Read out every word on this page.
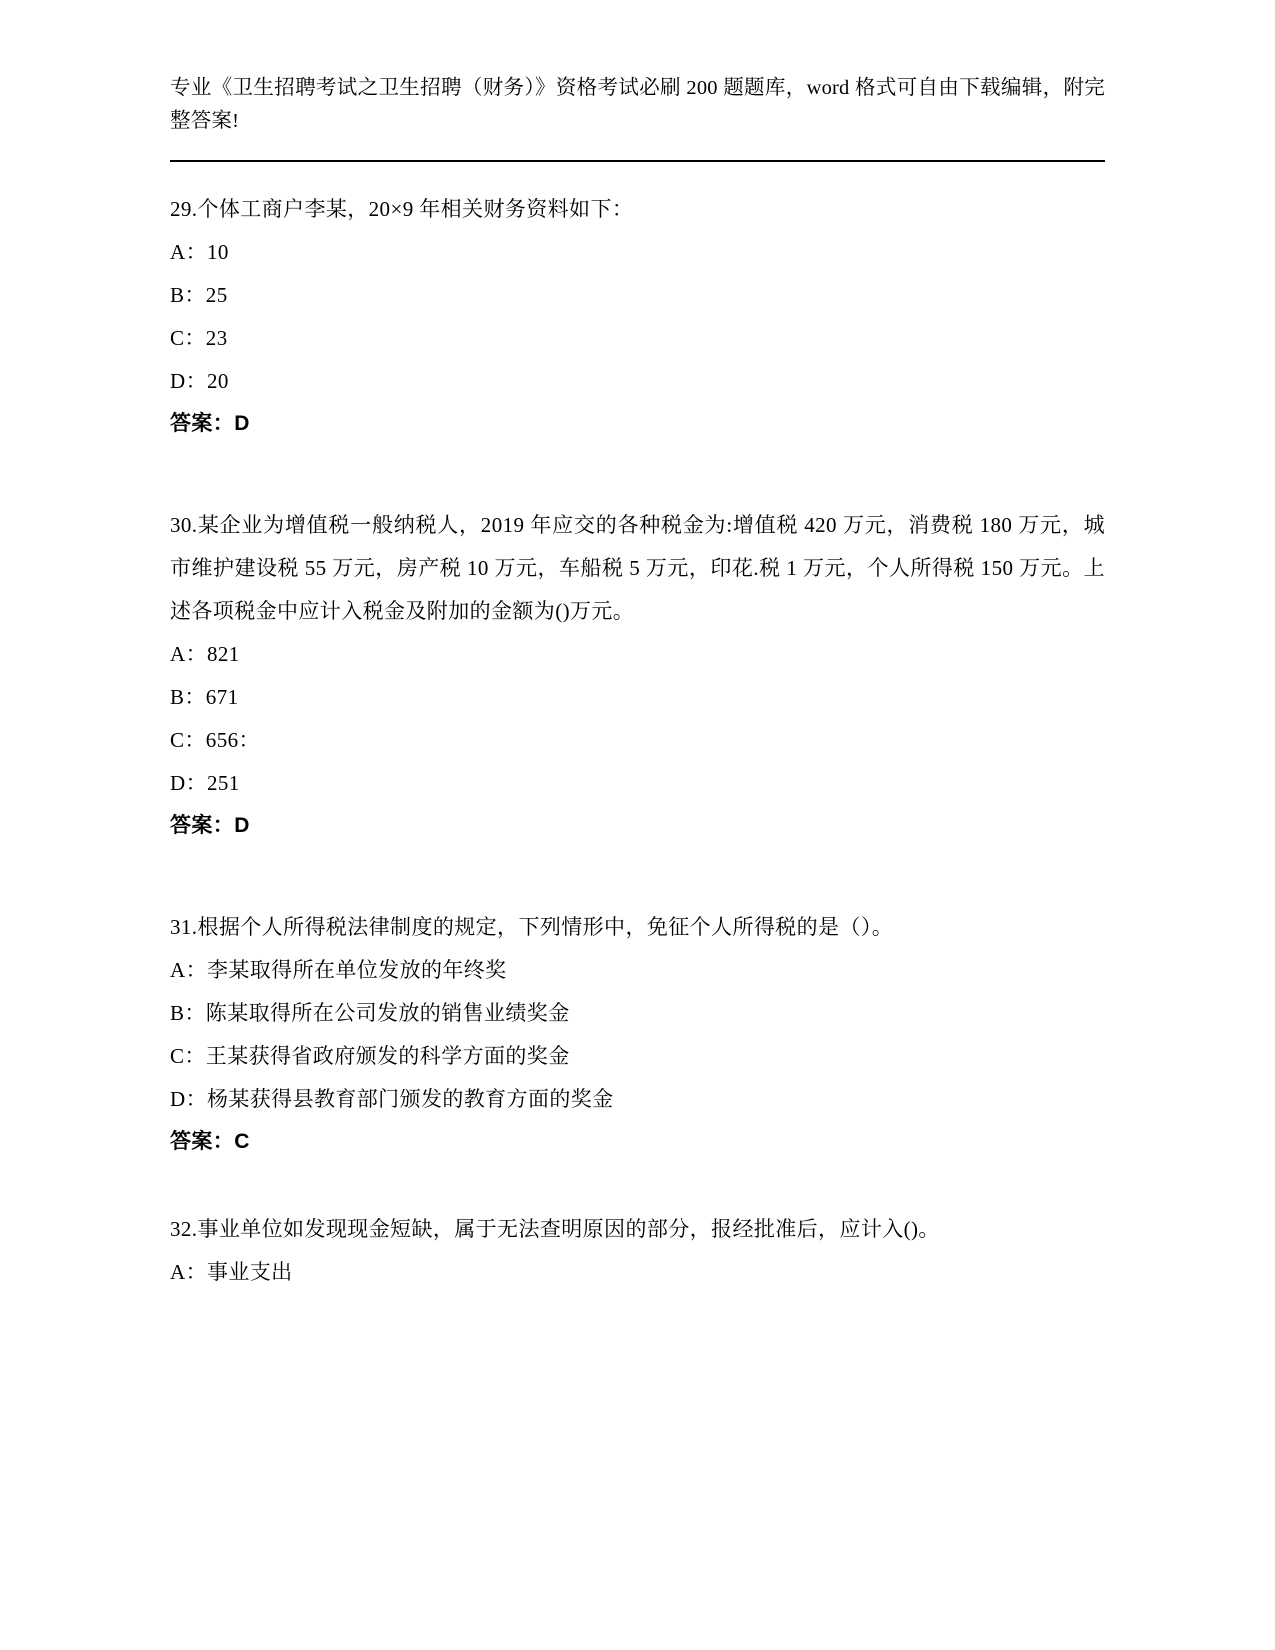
专业《卫生招聘考试之卫生招聘（财务）》资格考试必刷 200 题题库，word 格式可自由下载编辑，附完整答案!
29.个体工商户李某，20×9 年相关财务资料如下：
A：10
B：25
C：23
D：20
答案：D
30.某企业为增值税一般纳税人，2019 年应交的各种税金为:增值税 420 万元，消费税 180 万元，城市维护建设税 55 万元，房产税 10 万元，车船税 5 万元，印花.税 1 万元，个人所得税 150 万元。上述各项税金中应计入税金及附加的金额为()万元。
A：821
B：671
C：656：
D：251
答案：D
31.根据个人所得税法律制度的规定，下列情形中，免征个人所得税的是（）。
A：李某取得所在单位发放的年终奖
B：陈某取得所在公司发放的销售业绩奖金
C：王某获得省政府颁发的科学方面的奖金
D：杨某获得县教育部门颁发的教育方面的奖金
答案：C
32.事业单位如发现现金短缺，属于无法查明原因的部分，报经批准后，应计入()。
A：事业支出
